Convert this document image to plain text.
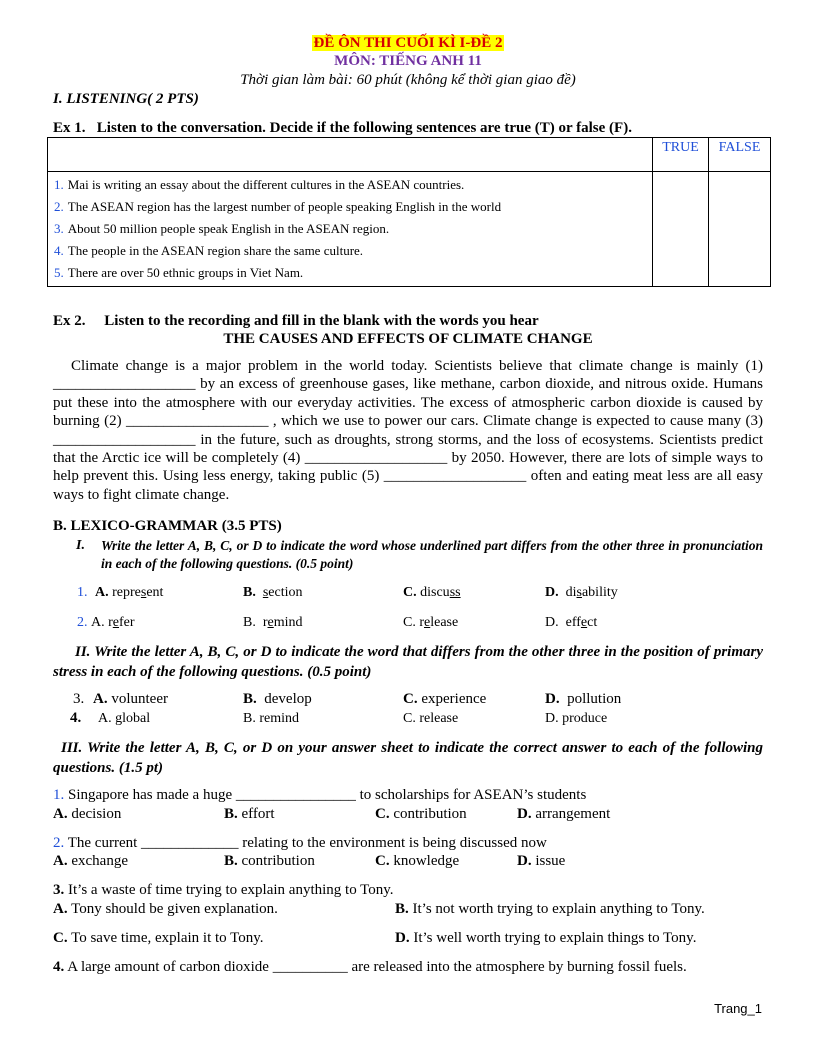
ĐỀ ÔN THI CUỐI KÌ I-ĐỀ 2
MÔN: TIẾNG ANH 11
Thời gian làm bài: 60 phút (không kể thời gian giao đề)
I. LISTENING( 2 PTS)
Ex 1. Listen to the conversation. Decide if the following sentences are true (T) or false (F).
	TRUE	FALSE

1. Mai is writing an essay about the different cultures in the ASEAN countries.
2. The ASEAN region has the largest number of people speaking English in the world
3. About 50 million people speak English in the ASEAN region.
4. The people in the ASEAN region share the same culture.
5. There are over 50 ethnic groups in Viet Nam.		

Ex 2. Listen to the recording and fill in the blank with the words you hear
THE CAUSES AND EFFECTS OF CLIMATE CHANGE

Climate change is a major problem in the world today. Scientists believe that climate change is mainly (1) ___________________ by an excess of greenhouse gases, like methane, carbon dioxide, and nitrous oxide. Humans put these into the atmosphere with our everyday activities. The excess of atmospheric carbon dioxide is caused by burning (2) ___________________ , which we use to power our cars. Climate change is expected to cause many (3) ___________________ in the future, such as droughts, strong storms, and the loss of ecosystems. Scientists predict that the Arctic ice will be completely (4) ___________________ by 2050. However, there are lots of simple ways to help prevent this. Using less energy, taking public (5) ___________________ often and eating meat less are all easy ways to fight climate change.

B. LEXICO-GRAMMAR (3.5 PTS)
I. Write the letter A, B, C, or D to indicate the word whose underlined part differs from the other three in pronunciation in each of the following questions. (0.5 point)
1. A. represent	B. section	C. discuss	D. disability
2. A. refer	B. remind	C. release	D. effect
II. Write the letter A, B, C, or D to indicate the word that differs from the other three in the position of primary stress in each of the following questions. (0.5 point)
3. A. volunteer	B. develop	C. experience	D. pollution
4. A. global	B. remind	C. release	D. produce
III. Write the letter A, B, C, or D on your answer sheet to indicate the correct answer to each of the following questions. (1.5 pt)
1. Singapore has made a huge ________________ to scholarships for ASEAN’s students
A. decision	B. effort	C. contribution	D. arrangement
2. The current _____________ relating to the environment is being discussed now
A. exchange	B. contribution	C. knowledge	D. issue
3. It’s a waste of time trying to explain anything to Tony.
A. Tony should be given explanation.	B. It’s not worth trying to explain anything to Tony.
C. To save time, explain it to Tony.	D. It’s well worth trying to explain things to Tony.
4. A large amount of carbon dioxide __________ are released into the atmosphere by burning fossil fuels.
Trang_1
